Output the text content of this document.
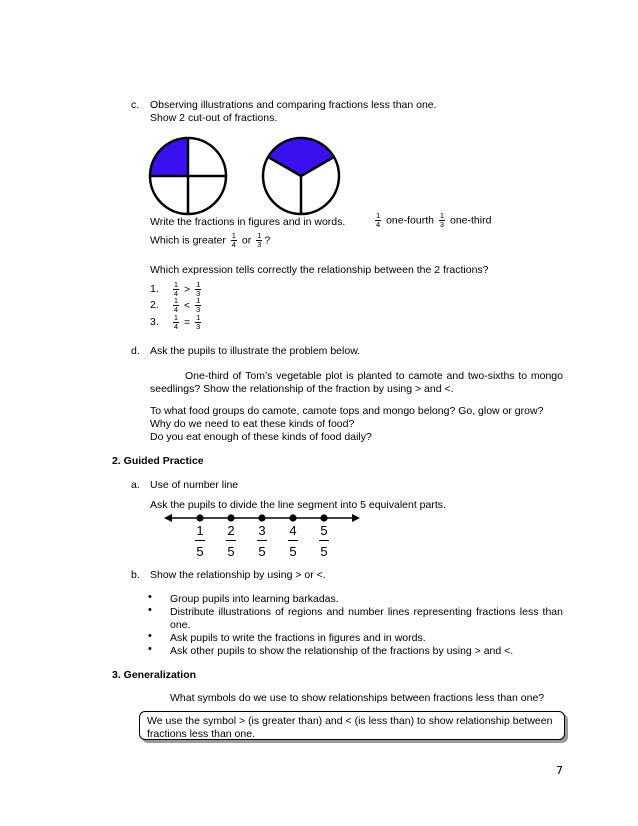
c. Observing illustrations and comparing fractions less than one.
Show 2 cut-out of fractions.
Write the fractions in figures and in words.	$\frac{1}{4}$ one-fourth $\frac{1}{3}$ one-third
Which is greater $\frac{1}{4}$ or $\frac{1}{3}$ ?
Which expression tells correctly the relationship between the 2 fractions?
1. $\frac{1}{4} > \frac{1}{3}$
2. $\frac{1}{4} < \frac{1}{3}$
3. $\frac{1}{4} = \frac{1}{3}$
d. Ask the pupils to illustrate the problem below.
One-third of Tom’s vegetable plot is planted to camote and two-sixths to mongo
seedlings? Show the relationship of the fraction by using > and <.
To what food groups do camote, camote tops and mongo belong? Go, glow or grow?
Why do we need to eat these kinds of food?
Do you eat enough of these kinds of food daily?
2. Guided Practice
a. Use of number line
Ask the pupils to divide the line segment into 5 equivalent parts.
1
5
2
5
3
5
4
5
5
5
b. Show the relationship by using > or <.
• Group pupils into learning barkadas.
• Distribute illustrations of regions and number lines representing fractions less than
one.
• Ask pupils to write the fractions in figures and in words.
• Ask other pupils to show the relationship of the fractions by using > and <.
3. Generalization
What symbols do we use to show relationships between fractions less than one?
We use the symbol > (is greater than) and < (is less than) to show relationship between
fractions less than one.
7
